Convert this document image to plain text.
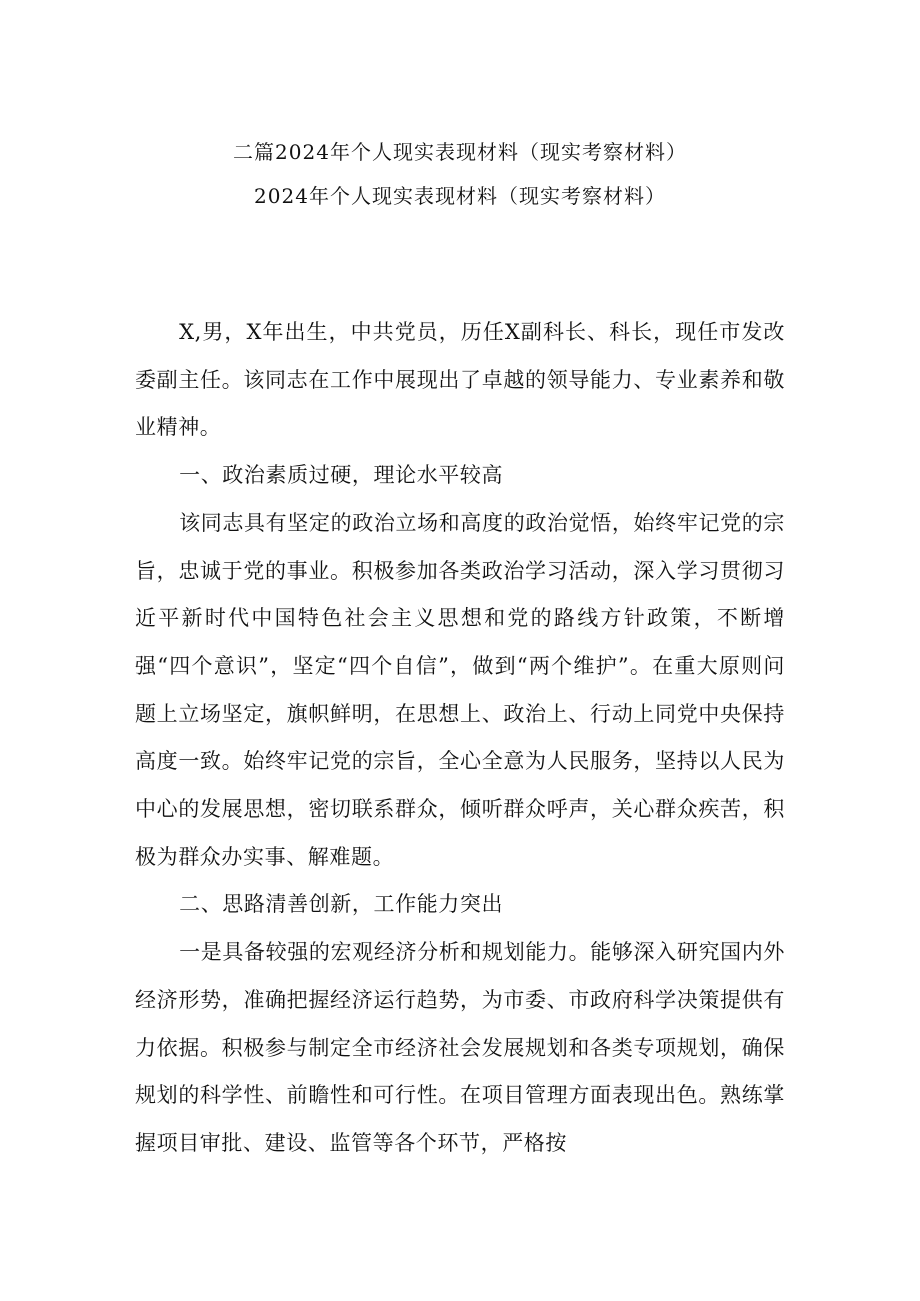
二篇2024年个人现实表现材料（现实考察材料）
2024年个人现实表现材料（现实考察材料）

X,男，X年出生，中共党员，历任X副科长、科长，现任市发改委副主任。该同志在工作中展现出了卓越的领导能力、专业素养和敬业精神。

一、政治素质过硬，理论水平较高

该同志具有坚定的政治立场和高度的政治觉悟，始终牢记党的宗旨，忠诚于党的事业。积极参加各类政治学习活动，深入学习贯彻习近平新时代中国特色社会主义思想和党的路线方针政策，不断增强“四个意识”，坚定“四个自信”，做到“两个维护”。在重大原则问题上立场坚定，旗帜鲜明，在思想上、政治上、行动上同党中央保持高度一致。始终牢记党的宗旨，全心全意为人民服务，坚持以人民为中心的发展思想，密切联系群众，倾听群众呼声，关心群众疾苦，积极为群众办实事、解难题。

二、思路清善创新，工作能力突出

一是具备较强的宏观经济分析和规划能力。能够深入研究国内外经济形势，准确把握经济运行趋势，为市委、市政府科学决策提供有力依据。积极参与制定全市经济社会发展规划和各类专项规划，确保规划的科学性、前瞻性和可行性。在项目管理方面表现出色。熟练掌握项目审批、建设、监管等各个环节，严格按
